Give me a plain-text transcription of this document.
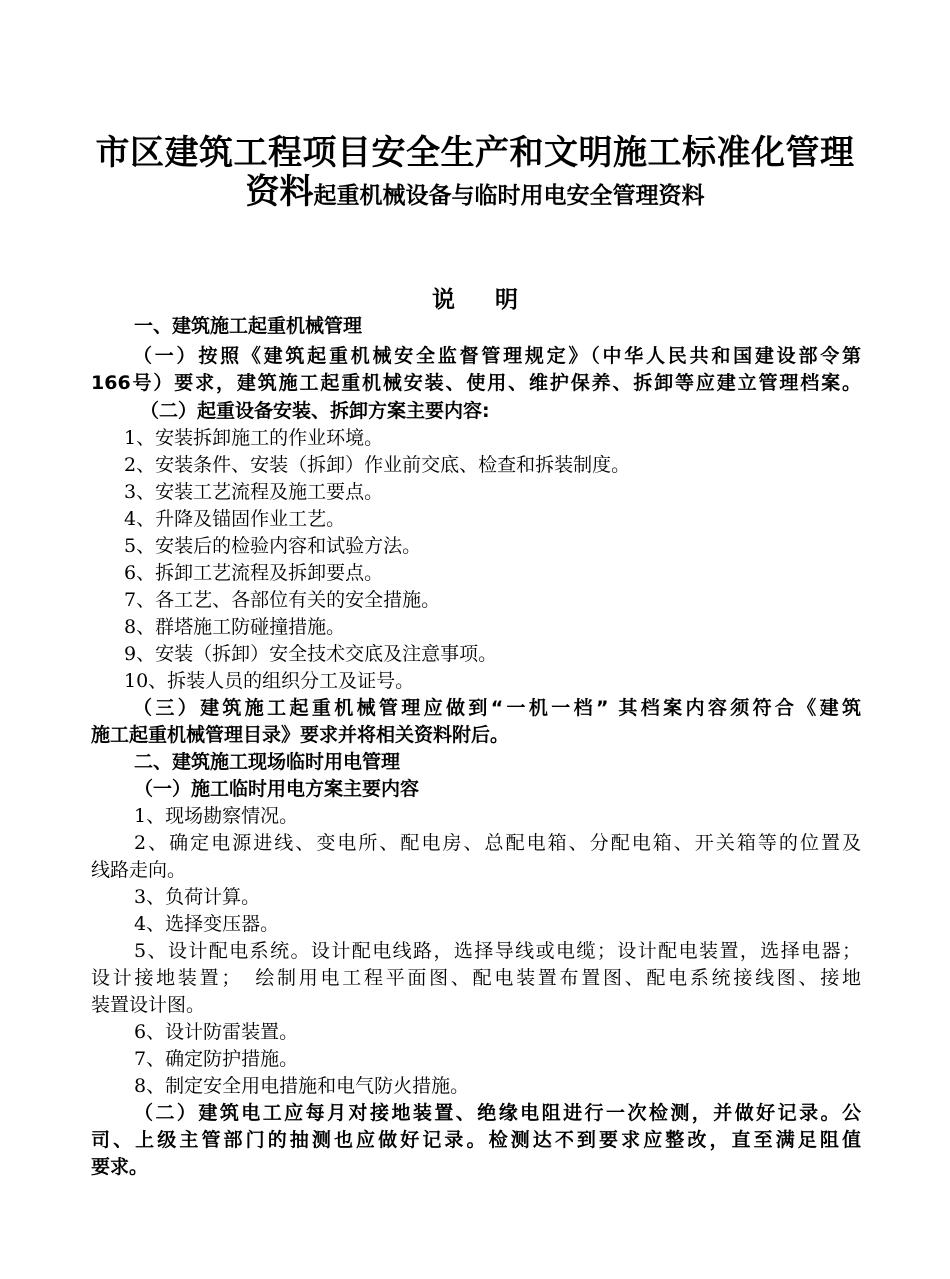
市区建筑工程项目安全生产和文明施工标准化管理
资料起重机械设备与临时用电安全管理资料
说明
一、建筑施工起重机械管理
（一）按照《建筑起重机械安全监督管理规定》（中华人民共和国建设部令第
166号）要求，建筑施工起重机械安装、使用、维护保养、拆卸等应建立管理档案。
（二）起重设备安装、拆卸方案主要内容:
1、安装拆卸施工的作业环境。
2、安装条件、安装（拆卸）作业前交底、检查和拆装制度。
3、安装工艺流程及施工要点。
4、升降及锚固作业工艺。
5、安装后的检验内容和试验方法。
6、拆卸工艺流程及拆卸要点。
7、各工艺、各部位有关的安全措施。
8、群塔施工防碰撞措施。
9、安装（拆卸）安全技术交底及注意事项。
10、拆装人员的组织分工及证号。
（三）建筑施工起重机械管理应做到“一机一档” 其档案内容须符合《建筑
施工起重机械管理目录》要求并将相关资料附后。
二、建筑施工现场临时用电管理
（一）施工临时用电方案主要内容
1、现场勘察情况。
2、确定电源进线、变电所、配电房、总配电箱、分配电箱、开关箱等的位置及
线路走向。
3、负荷计算。
4、选择变压器。
5、设计配电系统。设计配电线路，选择导线或电缆；设计配电装置，选择电器；
设计接地装置；　绘制用电工程平面图、配电装置布置图、配电系统接线图、接地
装置设计图。
6、设计防雷装置。
7、确定防护措施。
8、制定安全用电措施和电气防火措施。
（二）建筑电工应每月对接地装置、绝缘电阻进行一次检测，并做好记录。公
司、上级主管部门的抽测也应做好记录。检测达不到要求应整改，直至满足阻值
要求。
